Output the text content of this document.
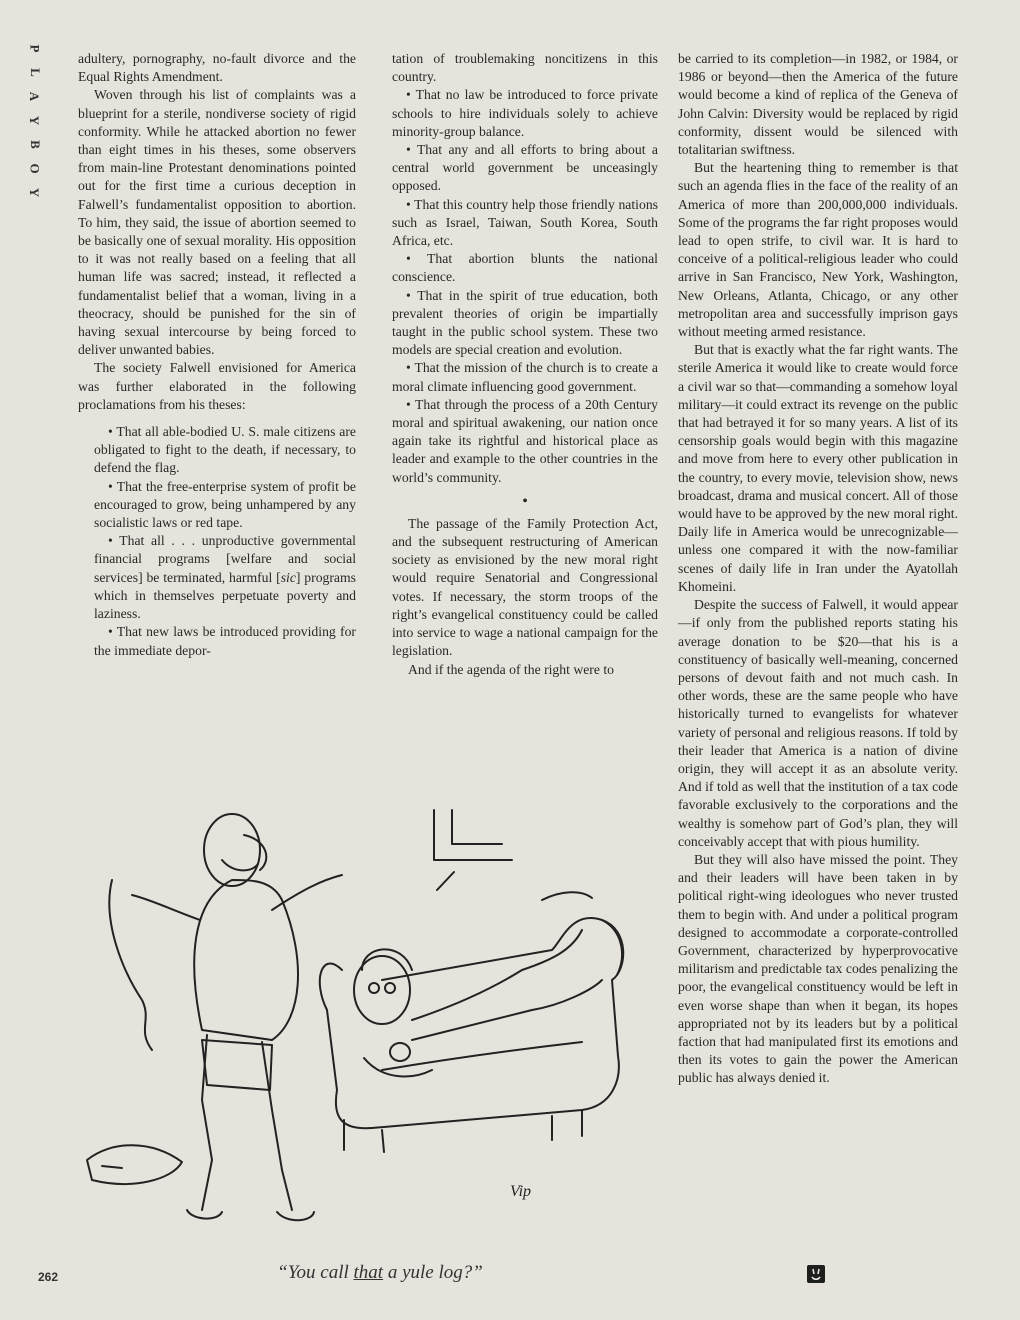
P
L
A
Y
B
O
Y

adultery, pornography, no-fault divorce and the Equal Rights Amendment.

Woven through his list of complaints was a blueprint for a sterile, nondiverse society of rigid conformity. While he attacked abortion no fewer than eight times in his theses, some observers from main-line Protestant denominations pointed out for the first time a curious deception in Falwell’s fundamentalist opposition to abortion. To him, they said, the issue of abortion seemed to be basically one of sexual morality. His opposition to it was not really based on a feeling that all human life was sacred; instead, it reflected a fundamentalist belief that a woman, living in a theocracy, should be punished for the sin of having sexual intercourse by being forced to deliver unwanted babies.

The society Falwell envisioned for America was further elaborated in the following proclamations from his theses:

• That all able-bodied U. S. male citizens are obligated to fight to the death, if necessary, to defend the flag.

• That the free-enterprise system of profit be encouraged to grow, being unhampered by any socialistic laws or red tape.

• That all . . . unproductive governmental financial programs [welfare and social services] be terminated, harmful [sic] programs which in themselves perpetuate poverty and laziness.

• That new laws be introduced providing for the immediate depor-

tation of troublemaking noncitizens in this country.

• That no law be introduced to force private schools to hire individuals solely to achieve minority-group balance.

• That any and all efforts to bring about a central world government be unceasingly opposed.

• That this country help those friendly nations such as Israel, Taiwan, South Korea, South Africa, etc.

• That abortion blunts the national conscience.

• That in the spirit of true education, both prevalent theories of origin be impartially taught in the public school system. These two models are special creation and evolution.

• That the mission of the church is to create a moral climate influencing good government.

• That through the process of a 20th Century moral and spiritual awakening, our nation once again take its rightful and historical place as leader and example to the other countries in the world’s community.

•

The passage of the Family Protection Act, and the subsequent restructuring of American society as envisioned by the new moral right would require Senatorial and Congressional votes. If necessary, the storm troops of the right’s evangelical constituency could be called into service to wage a national campaign for the legislation.

And if the agenda of the right were to

be carried to its completion—in 1982, or 1984, or 1986 or beyond—then the America of the future would become a kind of replica of the Geneva of John Calvin: Diversity would be replaced by rigid conformity, dissent would be silenced with totalitarian swiftness.

But the heartening thing to remember is that such an agenda flies in the face of the reality of an America of more than 200,000,000 individuals. Some of the programs the far right proposes would lead to open strife, to civil war. It is hard to conceive of a political-religious leader who could arrive in San Francisco, New York, Washington, New Orleans, Atlanta, Chicago, or any other metropolitan area and successfully imprison gays without meeting armed resistance.

But that is exactly what the far right wants. The sterile America it would like to create would force a civil war so that—commanding a somehow loyal military—it could extract its revenge on the public that had betrayed it for so many years. A list of its censorship goals would begin with this magazine and move from here to every other publication in the country, to every movie, television show, news broadcast, drama and musical concert. All of those would have to be approved by the new moral right. Daily life in America would be unrecognizable—unless one compared it with the now-familiar scenes of daily life in Iran under the Ayatollah Khomeini.

Despite the success of Falwell, it would appear—if only from the published reports stating his average donation to be $20—that his is a constituency of basically well-meaning, concerned persons of devout faith and not much cash. In other words, these are the same people who have historically turned to evangelists for whatever variety of personal and religious reasons. If told by their leader that America is a nation of divine origin, they will accept it as an absolute verity. And if told as well that the institution of a tax code favorable exclusively to the corporations and the wealthy is somehow part of God’s plan, they will conceivably accept that with pious humility.

But they will also have missed the point. They and their leaders will have been taken in by political right-wing ideologues who never trusted them to begin with. And under a political program designed to accommodate a corporate-controlled Government, characterized by hyperprovocative militarism and predictable tax codes penalizing the poor, the evangelical constituency would be left in even worse shape than when it began, its hopes appropriated not by its leaders but by a political faction that had manipulated first its emotions and then its votes to gain the power the American public has always denied it.

Vip
“You call that a yule log?”
262
